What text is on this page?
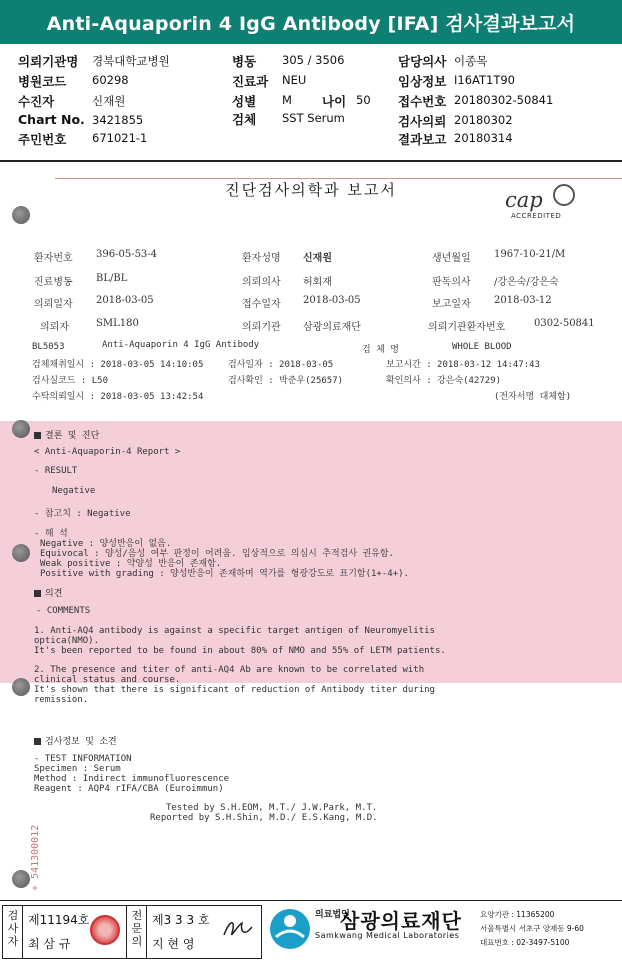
Anti-Aquaporin 4 IgG Antibody [IFA] 검사결과보고서
의뢰기관명 경북대학교병원
병원코드 60298
수진자	신재원
Chart No. 3421855
주민번호 671021-1
병동 305 / 3506
진료과 NEU
성별 M 나이 50
검체 SST Serum
담당의사 이종목
임상정보 I16AT1T90
접수번호 20180302-50841
검사의뢰 20180302
결과보고 20180314
진단검사의학과 보고서	cap
ACCREDITED
환자번호 396-05-53-4	환자성명 신재원	생년월일 1967-10-21/M
진료병동 BL/BL	의뢰의사 허회재	판독의사 /강은숙/강은숙
의뢰일자 2018-03-05	접수일자 2018-03-05	보고일자 2018-03-12
의뢰자	SML180	의뢰기관 삼광의료재단	의뢰기관환자번호	0302-50841
BL5053	Anti-Aquaporin 4 IgG Antibody	검 체 명	WHOLE BLOOD
검체채취일시 : 2018-03-05 14:10:05	검사일자 : 2018-03-05	보고시간 : 2018-03-12 14:47:43
검사실코드 : L50	검사확인 : 박준우(25657)	확인의사 : 강은숙(42729)
수탁의뢰일시 : 2018-03-05 13:42:54	(전자서명 대체함)
결론 및 진단
< Anti-Aquaporin-4 Report >
- RESULT
Negative
- 참고치 : Negative
- 해 석
Negative : 양성반응이 없음.
Equivocal : 양성/음성 여부 판정이 어려움. 임상적으로 의심시 추적검사 권유함.
Weak positive : 약양성 반응이 존재함.
Positive with grading : 양성반응이 존재하며 역가를 형광강도로 표기함(1+-4+).
의견
- COMMENTS
1. Anti-AQ4 antibody is against a specific target antigen of Neuromyelitis
optica(NMO).
It's been reported to be found in about 80% of NMO and 55% of LETM patients.
2. The presence and titer of anti-AQ4 Ab are known to be correlated with
clinical status and course.
It's shown that there is significant of reduction of Antibody titer during
remission.
검사정보 및 소견
- TEST INFORMATION
Specimen : Serum
Method : Indirect immunofluorescence
Reagent : AQP4 rIFA/CBA (Euroimmun)
Tested by S.H.EOM, M.T./ J.W.Park, M.T.
Reported by S.H.Shin, M.D./ E.S.Kang, M.D.
+ 541300012
검사자
제11194호
최 삼 규
전문의
제3 3 3 호
지 현 영
의료법인
삼광의료재단
Samkwang Medical Laboratories
요양기관 : 11365200
서울특별시 서초구 양재동 9-60
대표번호 : 02-3497-5100
